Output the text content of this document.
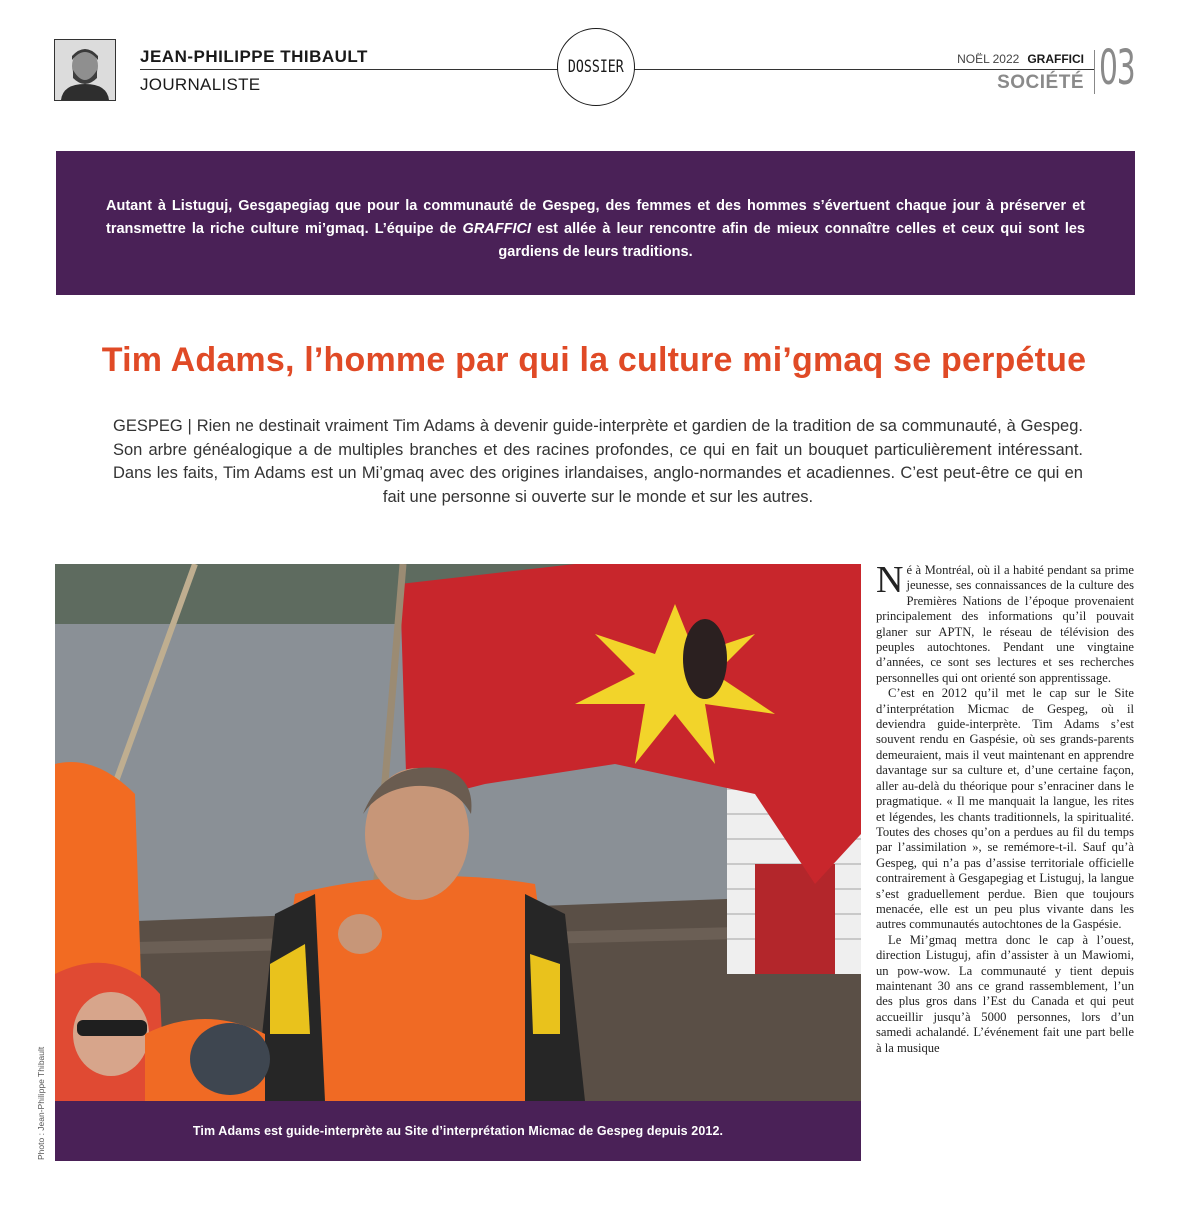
JEAN-PHILIPPE THIBAULT
JOURNALISTE
DOSSIER	NOËL 2022 GRAFFICI
SOCIÉTÉ 03

Autant à Listuguj, Gesgapegiag que pour la communauté de Gespeg, des femmes et des hommes s’évertuent chaque jour à préserver et transmettre la riche culture mi’gmaq. L’équipe de GRAFFICI est allée à leur rencontre afin de mieux connaître celles et ceux qui sont les gardiens de leurs traditions.

Tim Adams, l’homme par qui la culture mi’gmaq se perpétue

GESPEG | Rien ne destinait vraiment Tim Adams à devenir guide-interprète et gardien de la tradition de sa communauté, à Gespeg. Son arbre généalogique a de multiples branches et des racines profondes, ce qui en fait un bouquet particulièrement intéressant. Dans les faits, Tim Adams est un Mi’gmaq avec des origines irlandaises, anglo-normandes et acadiennes. C’est peut-être ce qui en fait une personne si ouverte sur le monde et sur les autres.

Tim Adams est guide-interprète au Site d’interprétation Micmac de Gespeg depuis 2012.
Photo : Jean-Philippe Thibault

Né à Montréal, où il a habité pendant sa prime jeunesse, ses connaissances de la culture des Premières Nations de l’époque provenaient principalement des informations qu’il pouvait glaner sur APTN, le réseau de télévision des peuples autochtones. Pendant une vingtaine d’années, ce sont ses lectures et ses recherches personnelles qui ont orienté son apprentissage.

C’est en 2012 qu’il met le cap sur le Site d’interprétation Micmac de Gespeg, où il deviendra guide-interprète. Tim Adams s’est souvent rendu en Gaspésie, où ses grands-parents demeuraient, mais il veut maintenant en apprendre davantage sur sa culture et, d’une certaine façon, aller au-delà du théorique pour s’enraciner dans le pragmatique. « Il me manquait la langue, les rites et légendes, les chants traditionnels, la spiritualité. Toutes des choses qu’on a perdues au fil du temps par l’assimilation », se remémore-t-il. Sauf qu’à Gespeg, qui n’a pas d’assise territoriale officielle contrairement à Gesgapegiag et Listuguj, la langue s’est graduellement perdue. Bien que toujours menacée, elle est un peu plus vivante dans les autres communautés autochtones de la Gaspésie.

Le Mi’gmaq mettra donc le cap à l’ouest, direction Listuguj, afin d’assister à un Mawiomi, un pow-wow. La communauté y tient depuis maintenant 30 ans ce grand rassemblement, l’un des plus gros dans l’Est du Canada et qui peut accueillir jusqu’à 5000 personnes, lors d’un samedi achalandé. L’événement fait une part belle à la musique
